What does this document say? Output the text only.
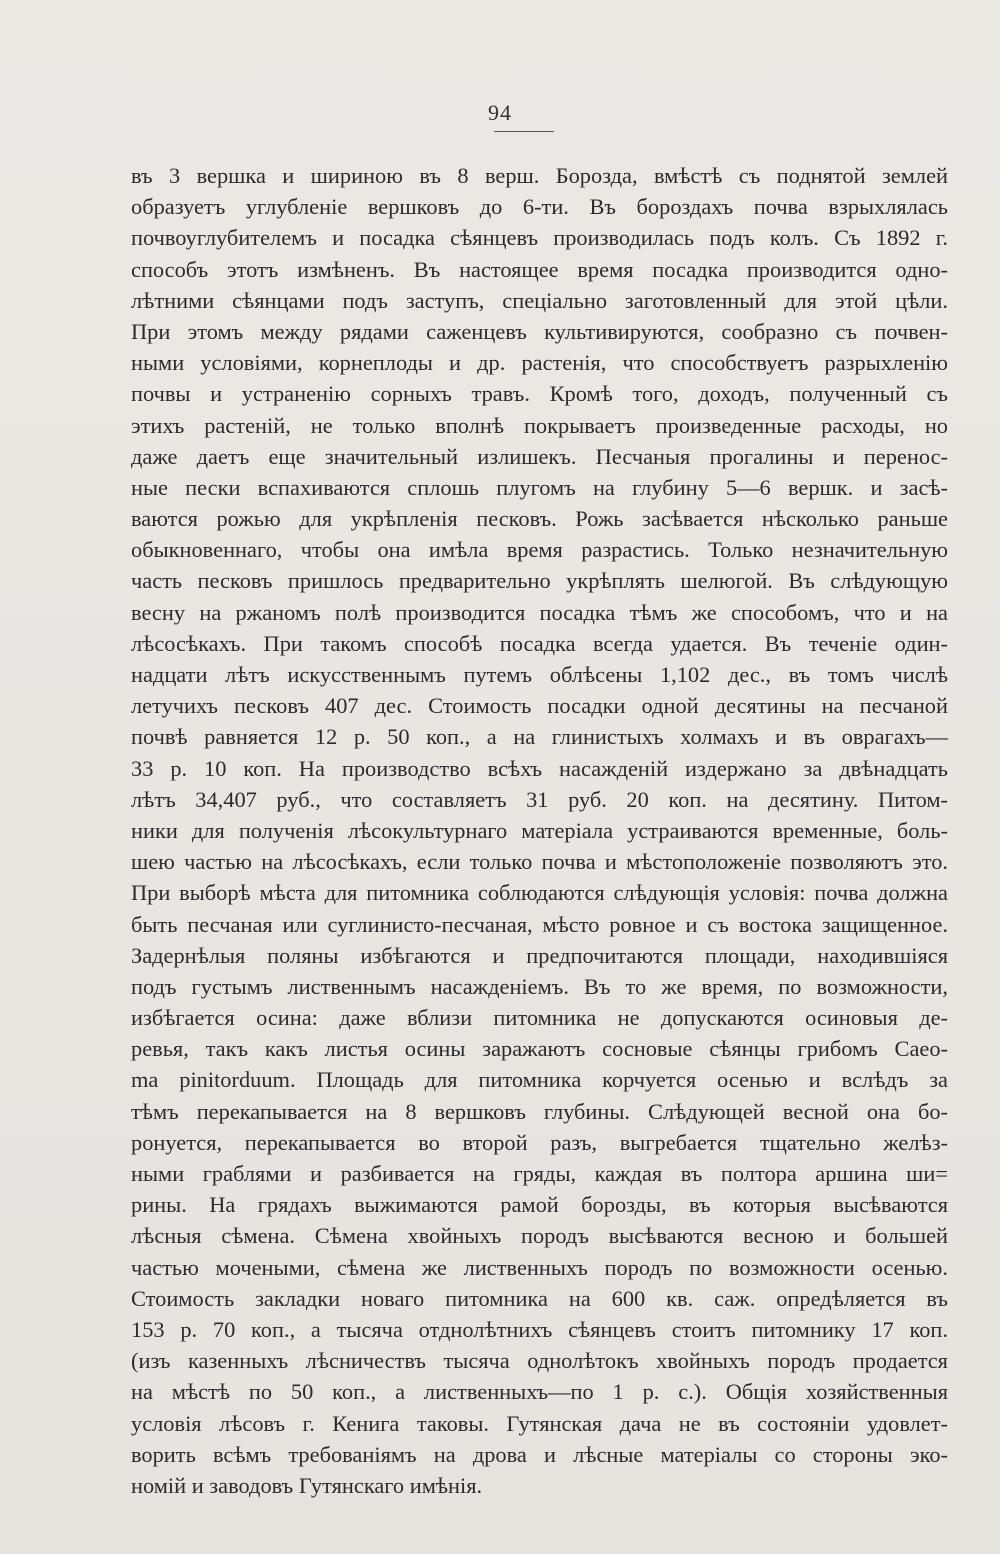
94
въ 3 вершка и шириною въ 8 верш. Борозда, вмѣстѣ съ поднятой землей
образуетъ углубленіе вершковъ до 6-ти. Въ бороздахъ почва взрыхлялась
почвоуглубителемъ и посадка сѣянцевъ производилась подъ колъ. Съ 1892 г.
способъ этотъ измѣненъ. Въ настоящее время посадка производится одно-
лѣтними сѣянцами подъ заступъ, спеціально заготовленный для этой цѣли.
При этомъ между рядами саженцевъ культивируются, сообразно съ почвен-
ными условіями, корнеплоды и др. растенія, что способствуетъ разрыхленію
почвы и устраненію сорныхъ травъ. Кромѣ того, доходъ, полученный съ
этихъ растеній, не только вполнѣ покрываетъ произведенные расходы, но
даже даетъ еще значительный излишекъ. Песчаныя прогалины и перенос-
ные пески вспахиваются сплошь плугомъ на глубину 5—6 вершк. и засѣ-
ваются рожью для укрѣпленія песковъ. Рожь засѣвается нѣсколько раньше
обыкновеннаго, чтобы она имѣла время разрастись. Только незначительную
часть песковъ пришлось предварительно укрѣплять шелюгой. Въ слѣдующую
весну на ржаномъ полѣ производится посадка тѣмъ же способомъ, что и на
лѣсосѣкахъ. При такомъ способѣ посадка всегда удается. Въ теченіе один-
надцати лѣтъ искусственнымъ путемъ облѣсены 1,102 дес., въ томъ числѣ
летучихъ песковъ 407 дес. Стоимость посадки одной десятины на песчаной
почвѣ равняется 12 р. 50 коп., а на глинистыхъ холмахъ и въ оврагахъ—
33 р. 10 коп. На производство всѣхъ насажденій издержано за двѣнадцать
лѣтъ 34,407 руб., что составляетъ 31 руб. 20 коп. на десятину. Питом-
ники для полученія лѣсокультурнаго матеріала устраиваются временные, боль-
шею частью на лѣсосѣкахъ, если только почва и мѣстоположеніе позволяютъ это.
При выборѣ мѣста для питомника соблюдаются слѣдующія условія: почва должна
быть песчаная или суглинисто-песчаная, мѣсто ровное и съ востока защищенное.
Задернѣлыя поляны избѣгаются и предпочитаются площади, находившіяся
подъ густымъ лиственнымъ насажденіемъ. Въ то же время, по возможности,
избѣгается осина: даже вблизи питомника не допускаются осиновыя де-
ревья, такъ какъ листья осины заражаютъ сосновые сѣянцы грибомъ Caeo-
ma pinitorduum. Площадь для питомника корчуется осенью и вслѣдъ за
тѣмъ перекапывается на 8 вершковъ глубины. Слѣдующей весной она бо-
ронуется, перекапывается во второй разъ, выгребается тщательно желѣз-
ными граблями и разбивается на гряды, каждая въ полтора аршина ши=
рины. На грядахъ выжимаются рамой борозды, въ которыя высѣваются
лѣсныя сѣмена. Сѣмена хвойныхъ породъ высѣваются весною и большей
частью мочеными, сѣмена же лиственныхъ породъ по возможности осенью.
Стоимость закладки новаго питомника на 600 кв. саж. опредѣляется въ
153 р. 70 коп., а тысяча отднолѣтнихъ сѣянцевъ стоитъ питомнику 17 коп.
(изъ казенныхъ лѣсничествъ тысяча однолѣтокъ хвойныхъ породъ продается
на мѣстѣ по 50 коп., а лиственныхъ—по 1 р. с.). Общія хозяйственныя
условія лѣсовъ г. Кенига таковы. Гутянская дача не въ состояніи удовлет-
ворить всѣмъ требованіямъ на дрова и лѣсные матеріалы со стороны эко-
номій и заводовъ Гутянскаго имѣнія.
